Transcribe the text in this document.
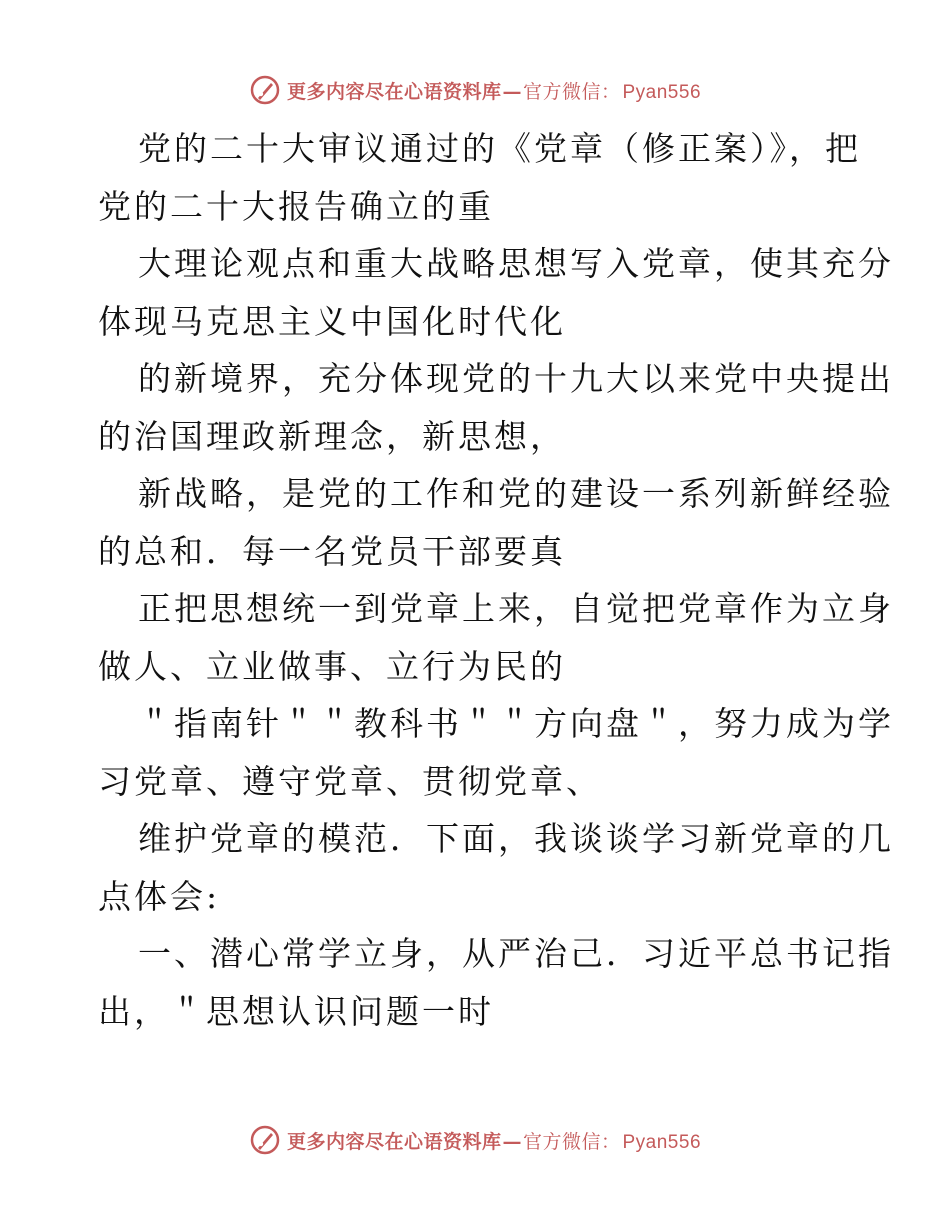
更多内容尽在心语资料库—官方微信： Pyan556
党的二十大审议通过的《党章（修正案）》，把
党的二十大报告确立的重
大理论观点和重大战略思想写入党章，使其充分
体现马克思主义中国化时代化
的新境界，充分体现党的十九大以来党中央提出
的治国理政新理念，新思想，
新战略，是党的工作和党的建设一系列新鲜经验
的总和．每一名党员干部要真
正把思想统一到党章上来，自觉把党章作为立身
做人、立业做事、立行为民的
＂指南针＂＂教科书＂＂方向盘＂，努力成为学
习党章、遵守党章、贯彻党章、
维护党章的模范．下面，我谈谈学习新党章的几
点体会:
一、潜心常学立身，从严治己．习近平总书记指
出，＂思想认识问题一时
更多内容尽在心语资料库—官方微信： Pyan556
